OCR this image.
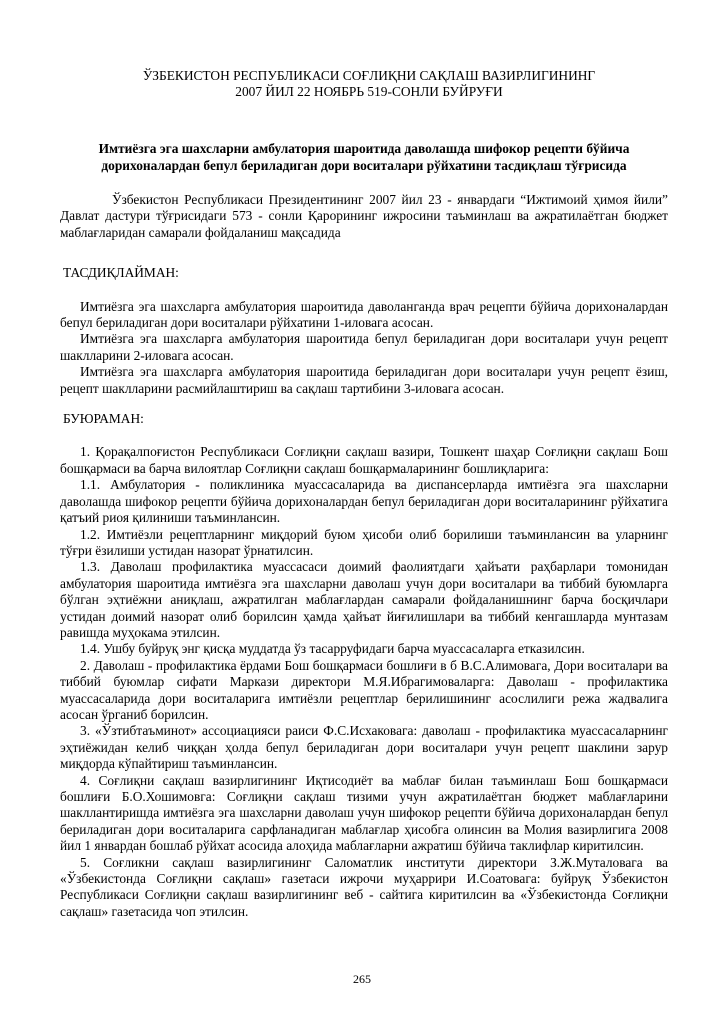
ЎЗБЕКИСТОН РЕСПУБЛИКАСИ СОҒЛИҚНИ САҚЛАШ ВАЗИРЛИГИНИНГ
2007 ЙИЛ 22 НОЯБРЬ 519-СОНЛИ БУЙРУҒИ
Имтиёзга эга шахсларни амбулатория шароитида даволашда шифокор рецепти бўйича
дорихоналардан бепул бериладиган дори воситалари рўйхатини тасдиқлаш тўғрисида
Ўзбекистон Республикаси Президентининг 2007 йил 23 - январдаги “Ижтимоий ҳимоя йили” Давлат дастури тўғрисидаги 573 - сонли Қарорининг ижросини таъминлаш ва ажратилаётган бюджет маблағларидан самарали фойдаланиш мақсадида
ТАСДИҚЛАЙМАН:
Имтиёзга эга шахсларга амбулатория шароитида даволанганда врач рецепти бўйича дорихоналардан бепул бериладиган дори воситалари рўйхатини 1-иловага асосан.
Имтиёзга эга шахсларга амбулатория шароитида бепул бериладиган дори воситалари учун рецепт шаклларини 2-иловага асосан.
Имтиёзга эга шахсларга амбулатория шароитида бериладиган дори воситалари учун рецепт ёзиш, рецепт шаклларини расмийлаштириш ва сақлаш тартибини 3-иловага асосан.
БУЮРАМАН:
1. Қорақалпоғистон Республикаси Соғлиқни сақлаш вазири, Тошкент шаҳар Соғлиқни сақлаш Бош бошқармаси ва барча вилоятлар Соғлиқни сақлаш бошқармаларининг бошлиқларига:
1.1. Амбулатория - поликлиника муассасаларида ва диспансерларда имтиёзга эга шахсларни даволашда шифокор рецепти бўйича дорихоналардан бепул бериладиган дори воситаларининг рўйхатига қатъий риоя қилиниши таъминлансин.
1.2. Имтиёзли рецептларнинг миқдорий буюм ҳисоби олиб борилиши таъминлансин ва уларнинг тўғри ёзилиши устидан назорат ўрнатилсин.
1.3. Даволаш профилактика муассасаси доимий фаолиятдаги ҳайъати раҳбарлари томонидан амбулатория шароитида имтиёзга эга шахсларни даволаш учун дори воситалари ва тиббий буюмларга бўлган эҳтиёжни аниқлаш, ажратилган маблағлардан самарали фойдаланишнинг барча босқичлари устидан доимий назорат олиб борилсин ҳамда ҳайъат йиғилишлари ва тиббий кенгашларда мунтазам равишда муҳокама этилсин.
1.4. Ушбу буйруқ энг қисқа муддатда ўз тасарруфидаги барча муассасаларга етказилсин.
2. Даволаш - профилактика ёрдами Бош бошқармаси бошлиғи в б В.С.Алимовага, Дори воситалари ва тиббий буюмлар сифати Маркази директори М.Я.Ибрагимоваларга: Даволаш - профилактика муассасаларида дори воситаларига имтиёзли рецептлар берилишининг асослилиги режа жадвалига асосан ўрганиб борилсин.
3. «Ўзтибтаъминот» ассоциацияси раиси Ф.С.Исхаковага: даволаш - профилактика муассасаларнинг эҳтиёжидан келиб чиққан ҳолда бепул бериладиган дори воситалари учун рецепт шаклини зарур миқдорда кўпайтириш таъминлансин.
4. Соғлиқни сақлаш вазирлигининг Иқтисодиёт ва маблағ билан таъминлаш Бош бошқармаси бошлиғи Б.О.Хошимовга: Соғлиқни сақлаш тизими учун ажратилаётган бюджет маблағларини шакллантиришда имтиёзга эга шахсларни даволаш учун шифокор рецепти бўйича дорихоналардан бепул бериладиган дори воситаларига сарфланадиган маблағлар ҳисобга олинсин ва Молия вазирлигига 2008 йил 1 январдан бошлаб рўйхат асосида алоҳида маблағларни ажратиш бўйича таклифлар киритилсин.
5. Соғликни сақлаш вазирлигининг Саломатлик институти директори З.Ж.Муталовага ва «Ўзбекистонда Соғлиқни сақлаш» газетаси ижрочи муҳаррири И.Соатовага: буйруқ Ўзбекистон Республикаси Соғлиқни сақлаш вазирлигининг веб - сайтига киритилсин ва «Ўзбекистонда Соғлиқни сақлаш» газетасида чоп этилсин.
265
